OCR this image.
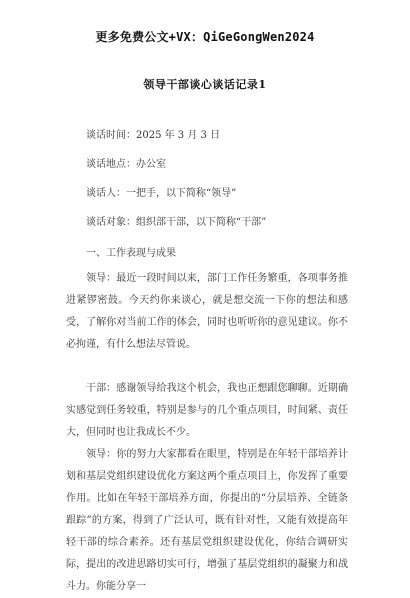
更多免费公文+VX：QiGeGongWen2024
领导干部谈心谈话记录1
谈话时间：2025 年 3 月 3 日
谈话地点：办公室
谈话人：一把手，以下简称“领导”
谈话对象：组织部干部，以下简称“干部”
一、工作表现与成果
领导：最近一段时间以来，部门工作任务繁重，各项事务推进紧锣密鼓。今天约你来谈心，就是想交流一下你的想法和感受，了解你对当前工作的体会，同时也听听你的意见建议。你不必拘谨，有什么想法尽管说。
干部：感谢领导给我这个机会，我也正想跟您聊聊。近期确实感觉到任务较重，特别是参与的几个重点项目，时间紧、责任大，但同时也让我成长不少。
领导：你的努力大家都看在眼里，特别是在年轻干部培养计划和基层党组织建设优化方案这两个重点项目上，你发挥了重要作用。比如在年轻干部培养方面，你提出的“分层培养、全链条跟踪”的方案，得到了广泛认可，既有针对性，又能有效提高年轻干部的综合素养。还有基层党组织建设优化，你结合调研实际，提出的改进思路切实可行，增强了基层党组织的凝聚力和战斗力。你能分享一
